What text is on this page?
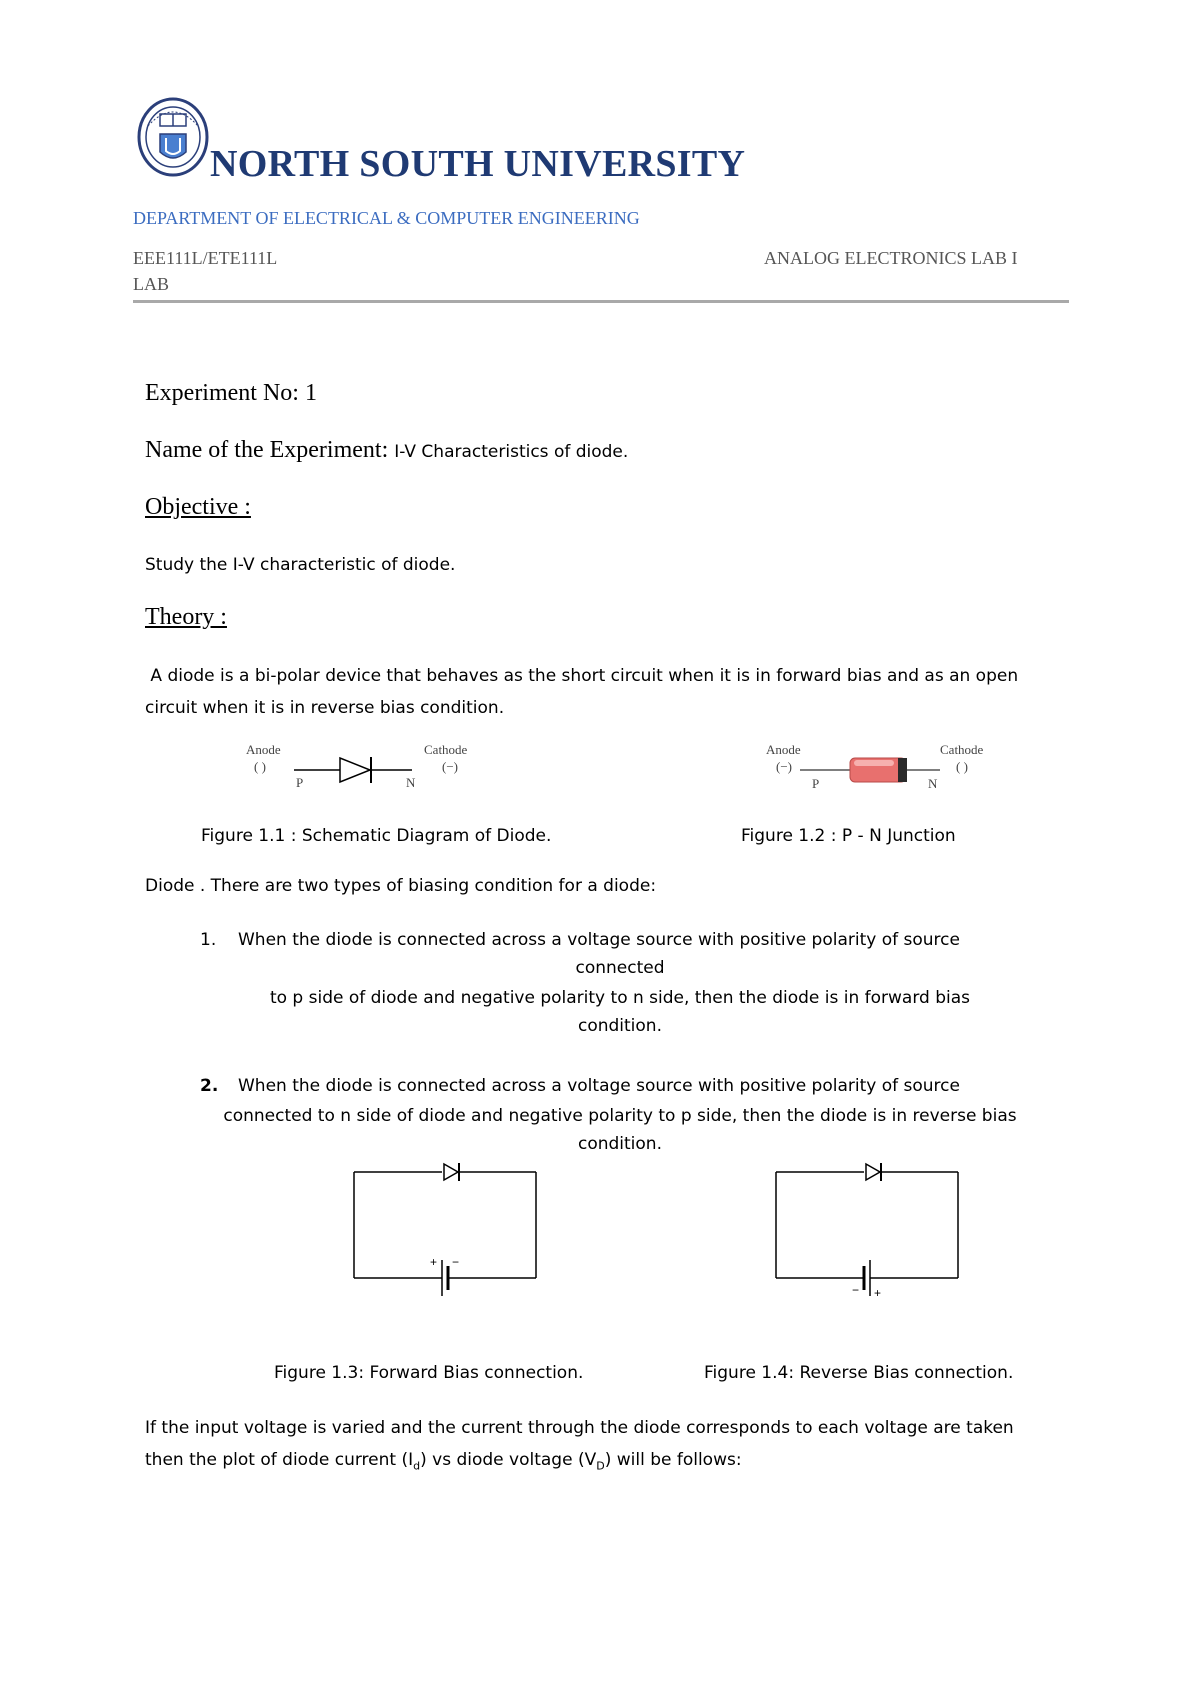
NORTH SOUTH UNIVERSITY
DEPARTMENT OF ELECTRICAL & COMPUTER ENGINEERING
EEE111L/ETE111L	ANALOG ELECTRONICS LAB I
LAB
Experiment No: 1
Name of the Experiment: I-V Characteristics of diode.
Objective :
Study the I-V characteristic of diode.
Theory :
A diode is a bi-polar device that behaves as the short circuit when it is in forward bias and as an open circuit when it is in reverse bias condition.
Anode
( )
Cathode
(−)
P	N
Figure 1.1 : Schematic Diagram of Diode.
Anode
(−)
Cathode
( )
P	N
Figure 1.2 : P - N Junction
Diode . There are two types of biasing condition for a diode:
1.	When the diode is connected across a voltage source with positive polarity of source
connected
to p side of diode and negative polarity to n side, then the diode is in forward bias
condition.
2.	When the diode is connected across a voltage source with positive polarity of source
connected to n side of diode and negative polarity to p side, then the diode is in reverse bias
condition.
+ −
Figure 1.3: Forward Bias connection.
− +
Figure 1.4: Reverse Bias connection.
If the input voltage is varied and the current through the diode corresponds to each voltage are taken then the plot of diode current $(I_d)$ vs diode voltage $(V_D)$ will be follows:
